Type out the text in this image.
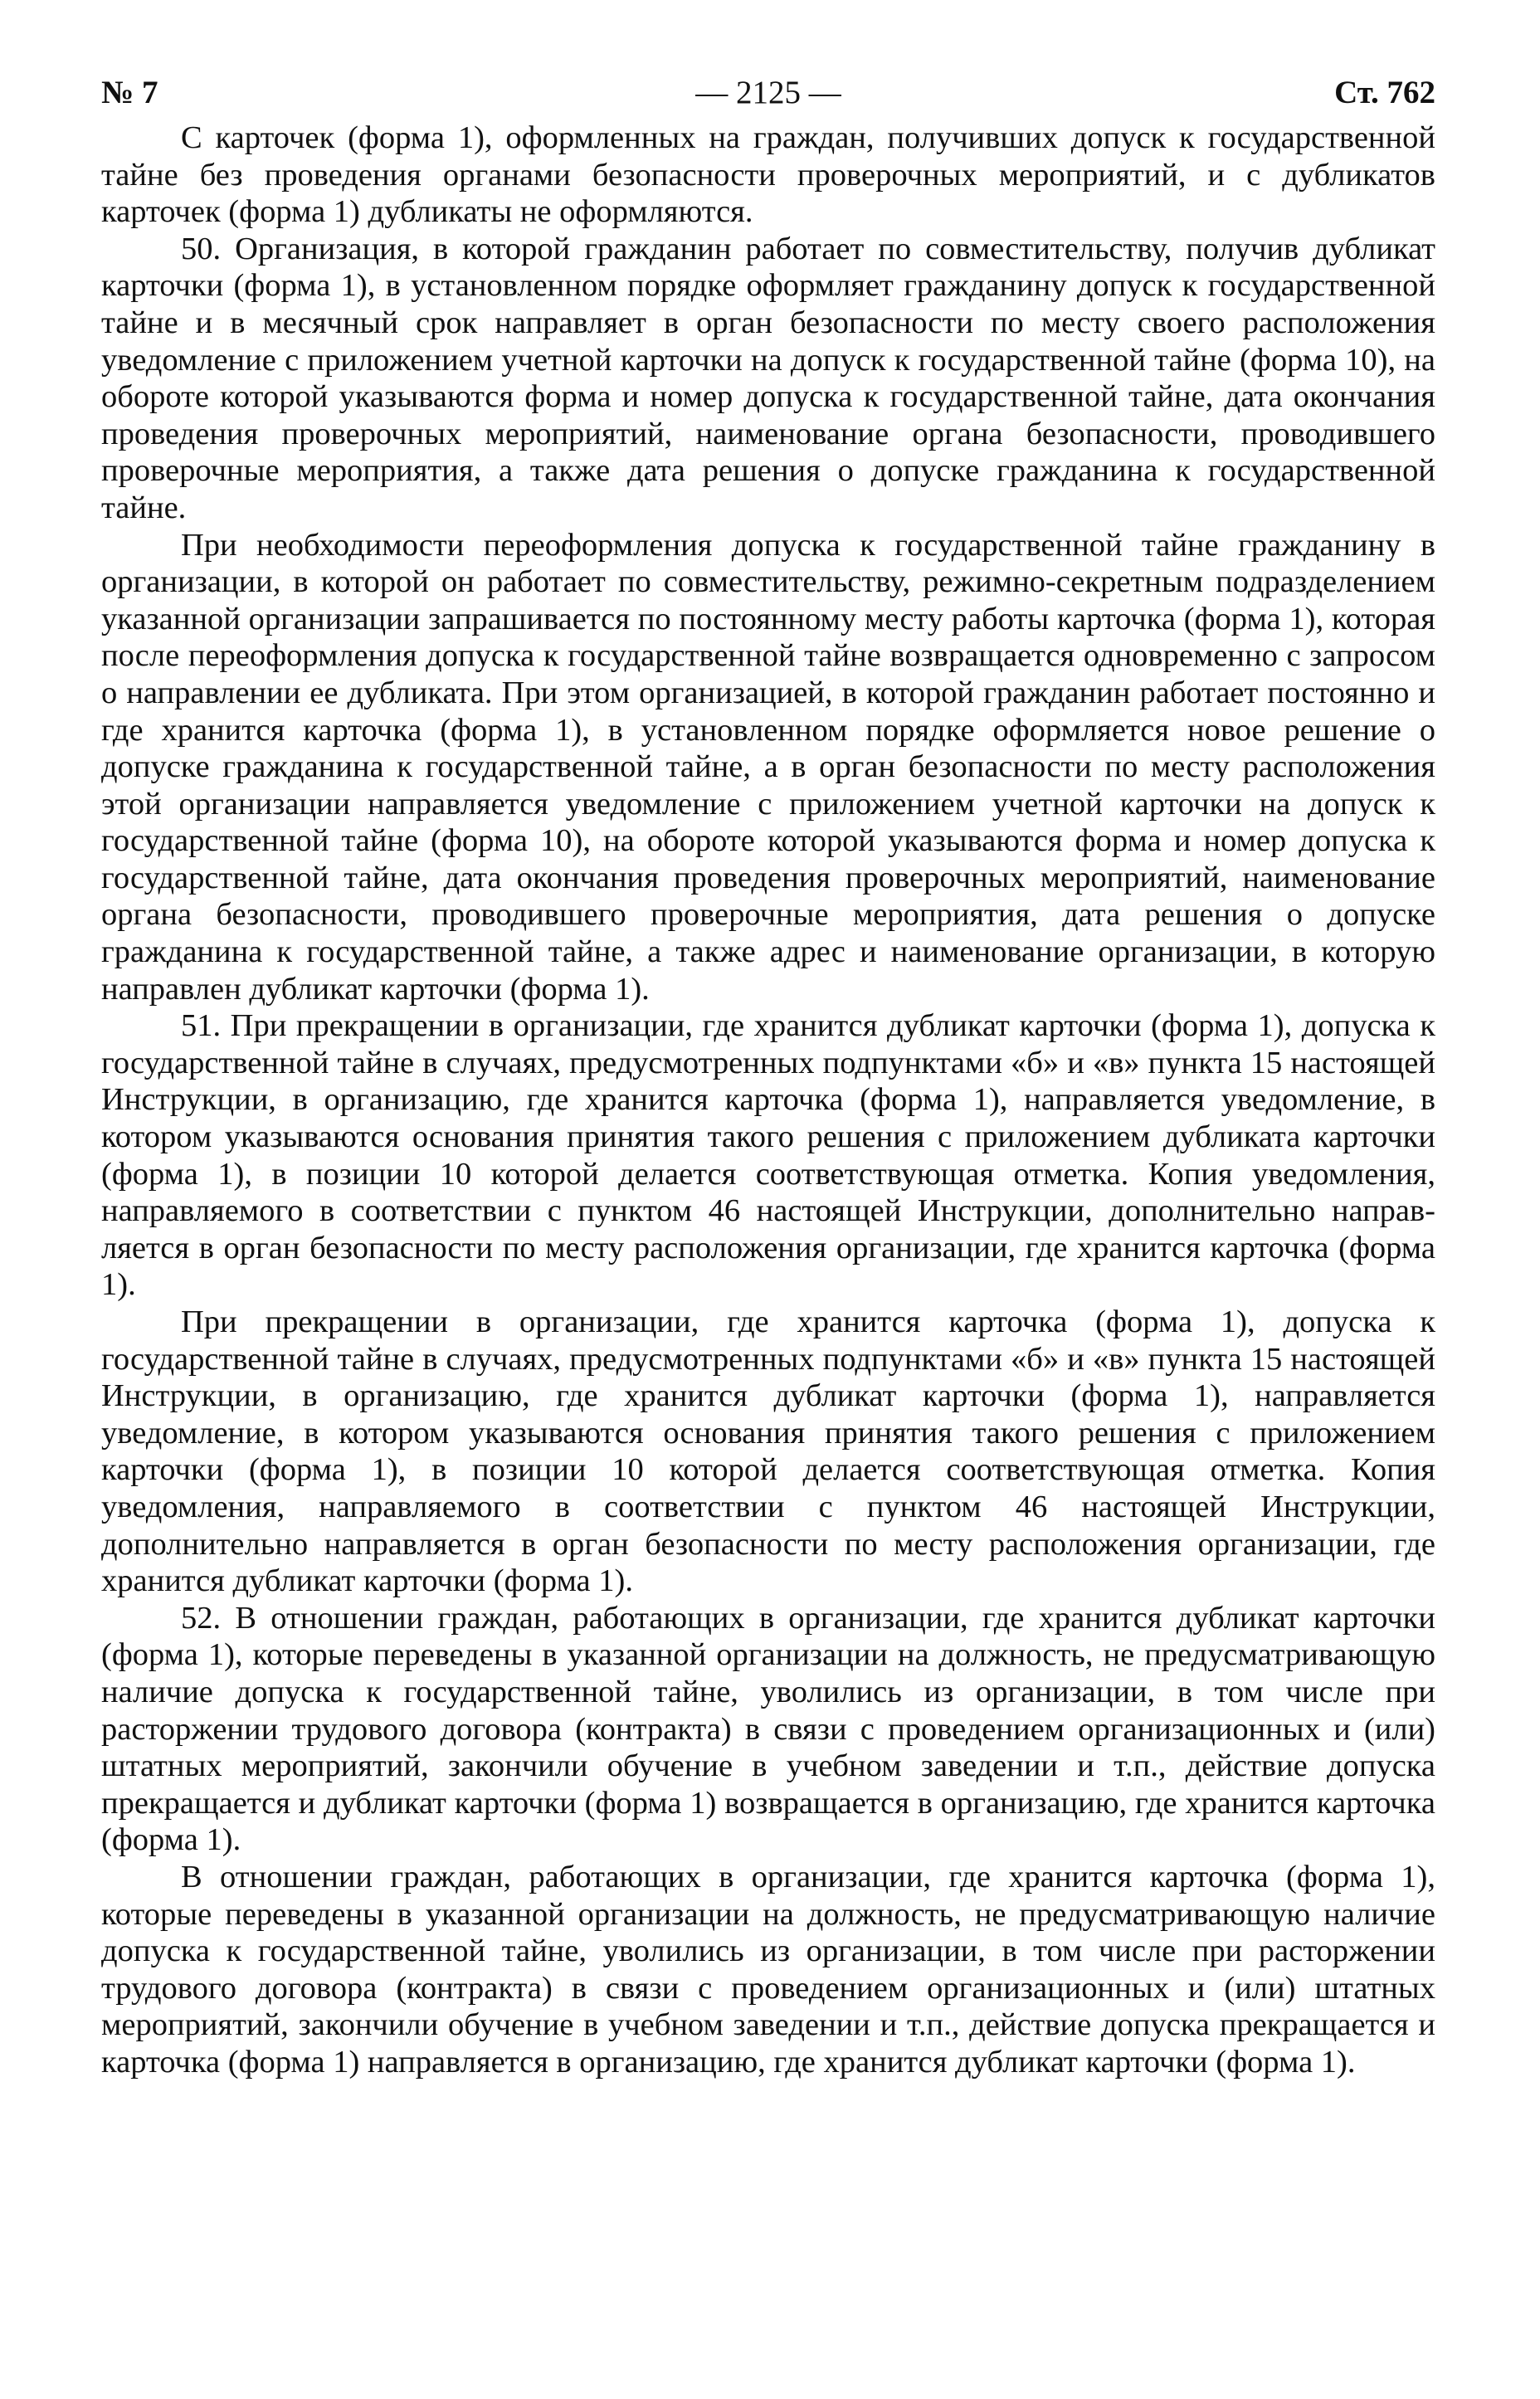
№ 7	— 2125 —	Ст. 762

С карточек (форма 1), оформленных на граждан, получивших допуск к государственной тайне без проведения органами безопасности проверочных мероприятий, и с дубликатов карточек (форма 1) дубликаты не оформляются.

50. Организация, в которой гражданин работает по совместительству, получив дубликат карточки (форма 1), в установленном порядке оформляет гражданину допуск к государственной тайне и в месячный срок направляет в орган безопасности по месту своего расположения уведомление с приложением учетной карточки на допуск к государственной тайне (форма 10), на обороте которой указываются форма и номер допуска к государственной тайне, дата окончания проведения проверочных мероприятий, наименование органа безопасности, проводившего проверочные мероприятия, а также дата решения о допуске гражданина к государственной тайне.

При необходимости переоформления допуска к государственной тайне гражданину в организации, в которой он работает по совместительству, режимно-секретным подразделением указанной организации запрашивается по постоянному месту работы карточка (форма 1), которая после переоформления допуска к государственной тайне возвращается одновременно с запросом о направлении ее дубликата. При этом организацией, в которой гражданин работает постоянно и где хранится карточка (форма 1), в установленном порядке оформляется новое решение о допуске гражданина к государственной тайне, а в орган безопасности по месту расположения этой организации направляется уведомление с приложением учетной карточки на допуск к государственной тайне (форма 10), на обороте которой указываются форма и номер допуска к государственной тайне, дата окончания проведения проверочных мероприятий, наименование органа безопасности, проводившего проверочные мероприятия, дата решения о допуске гражданина к государственной тайне, а также адрес и наименование организации, в которую направлен дубликат карточки (форма 1).

51. При прекращении в организации, где хранится дубликат карточки (форма 1), допуска к государственной тайне в случаях, предусмотренных подпунктами «б» и «в» пункта 15 настоящей Инструкции, в организацию, где хранится карточка (форма 1), направляется уведомление, в котором указываются основания принятия такого решения с приложением дубликата карточки (форма 1), в позиции 10 которой делается соответствующая отметка. Копия уведомления, направляемого в соответствии с пунктом 46 настоящей Инструкции, дополнительно направляется в орган безопасности по месту расположения организации, где хранится карточка (форма 1).

При прекращении в организации, где хранится карточка (форма 1), допуска к государственной тайне в случаях, предусмотренных подпунктами «б» и «в» пункта 15 настоящей Инструкции, в организацию, где хранится дубликат карточки (форма 1), направляется уведомление, в котором указываются основания принятия такого решения с приложением карточки (форма 1), в позиции 10 которой делается соответствующая отметка. Копия уведомления, направляемого в соответствии с пунктом 46 настоящей Инструкции, дополнительно направляется в орган безопасности по месту расположения организации, где хранится дубликат карточки (форма 1).

52. В отношении граждан, работающих в организации, где хранится дубликат карточки (форма 1), которые переведены в указанной организации на должность, не предусматривающую наличие допуска к государственной тайне, уволились из организации, в том числе при расторжении трудового договора (контракта) в связи с проведением организационных и (или) штатных мероприятий, закончили обучение в учебном заведении и т.п., действие допуска прекращается и дубликат карточки (форма 1) возвращается в организацию, где хранится карточка (форма 1).

В отношении граждан, работающих в организации, где хранится карточка (форма 1), которые переведены в указанной организации на должность, не предусматривающую наличие допуска к государственной тайне, уволились из организации, в том числе при расторжении трудового договора (контракта) в связи с проведением организационных и (или) штатных мероприятий, закончили обучение в учебном заведении и т.п., действие допуска прекращается и карточка (форма 1) направляется в организацию, где хранится дубликат карточки (форма 1).
